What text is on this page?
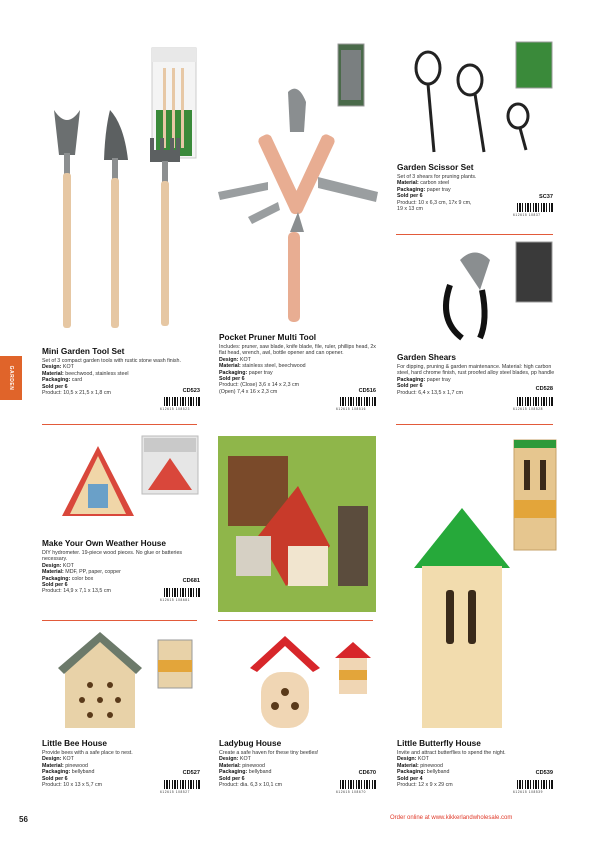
GARDEN
Mini Garden Tool Set
Set of 3 compact garden tools with rustic stone wash finish.
Design: KOT
Material: beechwood, stainless steel
Packaging: card
Sold per 6
Product: 10,5 x 21,5 x 1,8 cm	CD523
612615 108523
Pocket Pruner Multi Tool
Includes: pruner, saw blade, knife blade, file, ruler, phillips head, 2x flat head, wrench, awl, bottle opener and can opener.
Design: KOT
Material: stainless steel, beechwood
Packaging: paper tray
Sold per 6
Product: (Close) 3,6 x 14 x 2,3 cm
(Open) 7,4 x 16 x 2,3 cm	CD516
612615 108516
Garden Scissor Set
Set of 3 shears for pruning plants.
Material: carbon steel
Packaging: paper tray
Sold per 6
Product: 10 x 6,3 cm, 17x 9 cm,
19 x 13 cm
SC37
612615 10837
Garden Shears
For dipping, pruning & garden maintenance. Material: high carbon steel, hard chrome finish, rust proofed alloy steel blades, pp handle
Packaging: paper tray
Sold per 6
Product: 6,4 x 13,5 x 1,7 cm
CD528
612615 108528
Make Your Own Weather House
DIY hydrometer. 19-piece wood pieces. No glue or batteries necessary.
Design: KOT
Material: MDF, PP, paper, copper
Packaging: color box
Sold per 6
Product: 14,9 x 7,1 x 13,5 cm
CD681
612615 108681
Little Bee House
Provide bees with a safe place to nest.
Design: KOT
Material: pinewood
Packaging: bellyband
Sold per 6
Product: 10 x 13 x 5,7 cm
CD527
612615 108527
Ladybug House
Create a safe haven for these tiny beetles!
Design: KOT
Material: pinewood
Packaging: bellyband
Sold per 6
Product: dia. 6,3 x 10,1 cm
CD670
612615 108670
Little Butterfly House
Invite and attract butterflies to spend the night.
Design: KOT
Material: pinewood
Packaging: bellyband
Sold per 4
Product: 12 x 9 x 29 cm
CD539
612615 108539
56	Order online at www.kikkerlandwholesale.com
